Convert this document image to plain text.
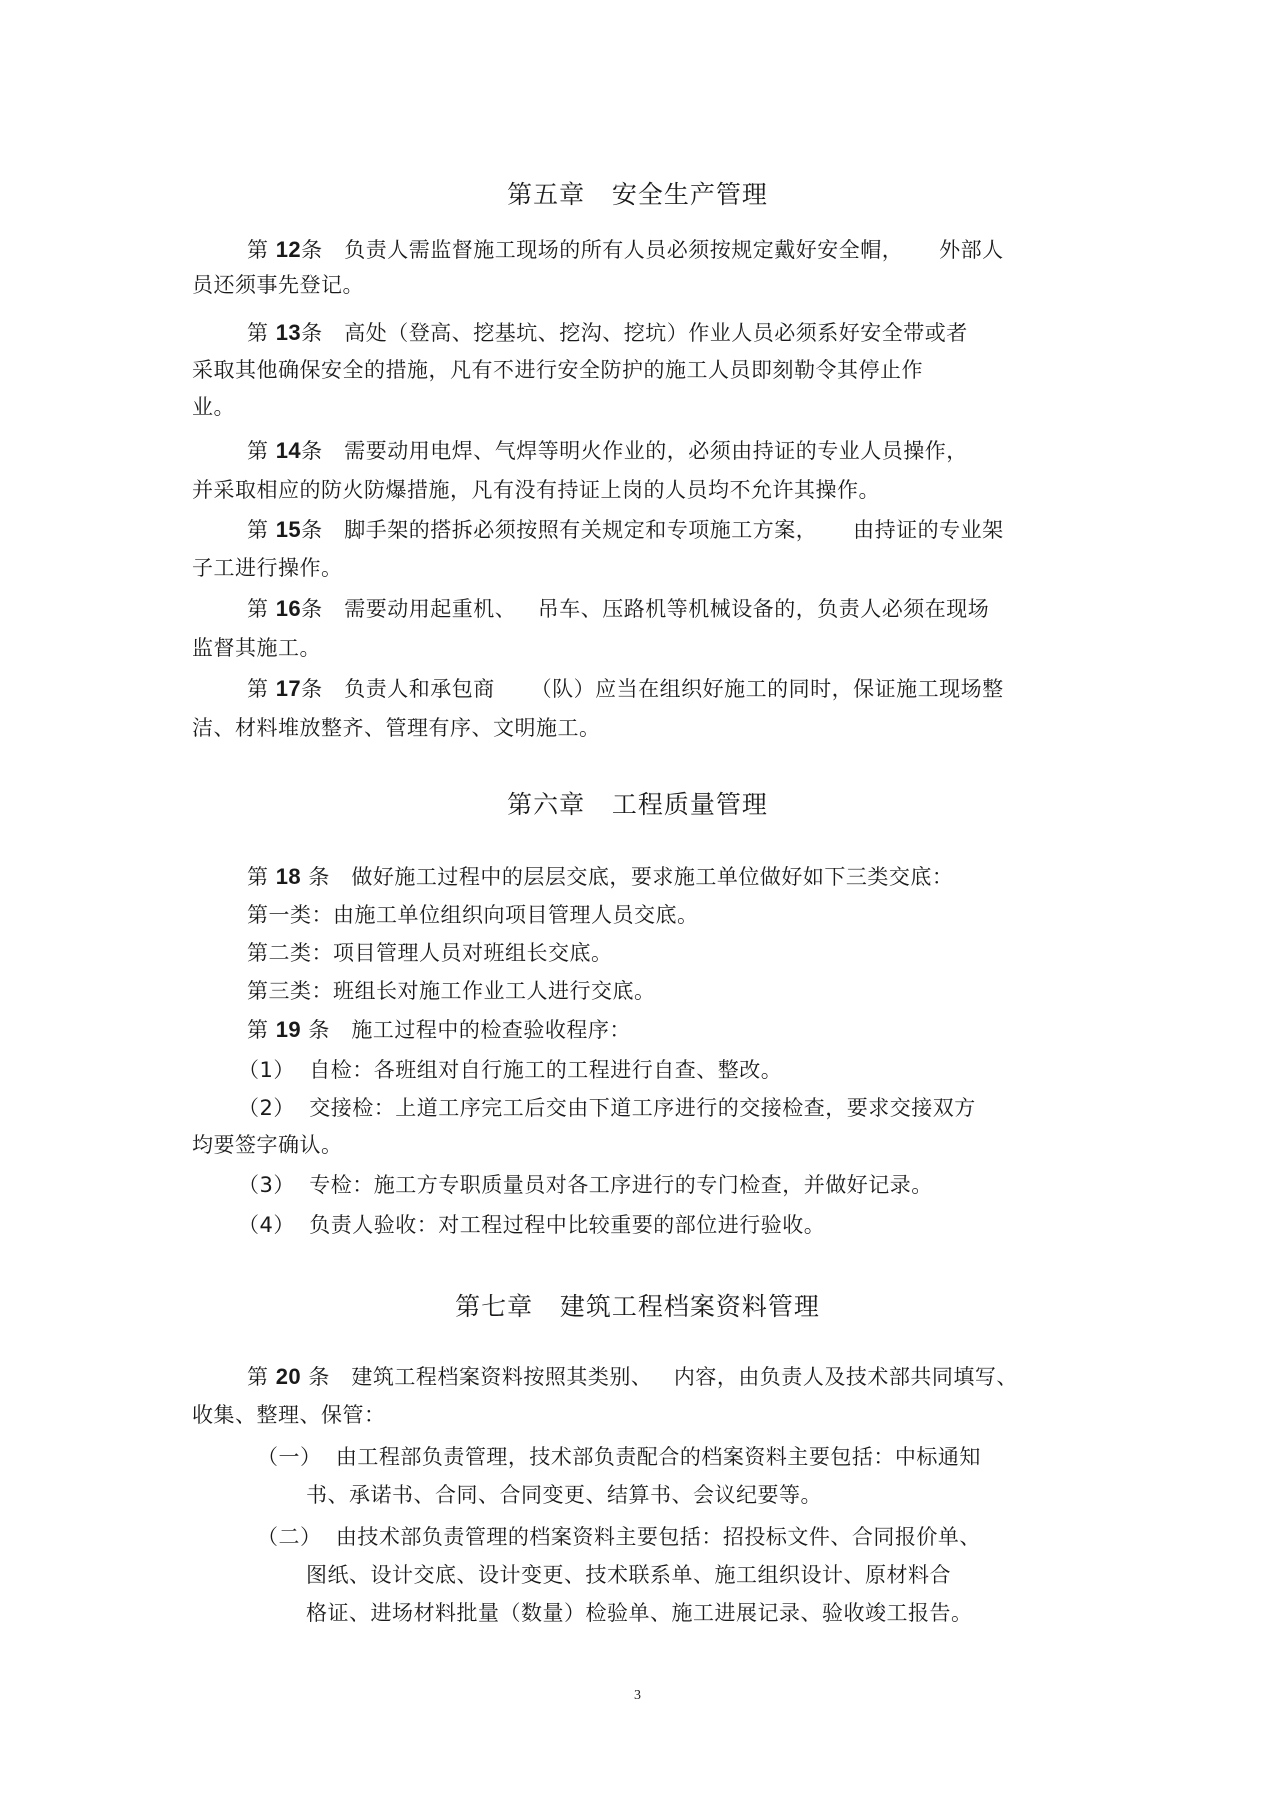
第五章   安全生产管理
第 12条   负责人需监督施工现场的所有人员必须按规定戴好安全帽，     外部人
员还须事先登记。
第 13条   高处（登高、挖基坑、挖沟、挖坑）作业人员必须系好安全带或者
采取其他确保安全的措施，凡有不进行安全防护的施工人员即刻勒令其停止作
业。
第 14条   需要动用电焊、气焊等明火作业的，必须由持证的专业人员操作，
并采取相应的防火防爆措施，凡有没有持证上岗的人员均不允许其操作。
第 15条   脚手架的搭拆必须按照有关规定和专项施工方案，     由持证的专业架
子工进行操作。
第 16条   需要动用起重机、   吊车、压路机等机械设备的，负责人必须在现场
监督其施工。
第 17条   负责人和承包商     （队）应当在组织好施工的同时，保证施工现场整
洁、材料堆放整齐、管理有序、文明施工。
第六章   工程质量管理
第 18 条   做好施工过程中的层层交底，要求施工单位做好如下三类交底：
第一类：由施工单位组织向项目管理人员交底。
第二类：项目管理人员对班组长交底。
第三类：班组长对施工作业工人进行交底。
第 19 条   施工过程中的检查验收程序：
（1）  自检：各班组对自行施工的工程进行自查、整改。
（2）  交接检：上道工序完工后交由下道工序进行的交接检查，要求交接双方
均要签字确认。
（3）  专检：施工方专职质量员对各工序进行的专门检查，并做好记录。
（4）  负责人验收：对工程过程中比较重要的部位进行验收。
第七章   建筑工程档案资料管理
第 20 条   建筑工程档案资料按照其类别、   内容，由负责人及技术部共同填写、
收集、整理、保管：
（一）  由工程部负责管理，技术部负责配合的档案资料主要包括：中标通知
书、承诺书、合同、合同变更、结算书、会议纪要等。
（二）  由技术部负责管理的档案资料主要包括：招投标文件、合同报价单、
图纸、设计交底、设计变更、技术联系单、施工组织设计、原材料合
格证、进场材料批量（数量）检验单、施工进展记录、验收竣工报告。
3
